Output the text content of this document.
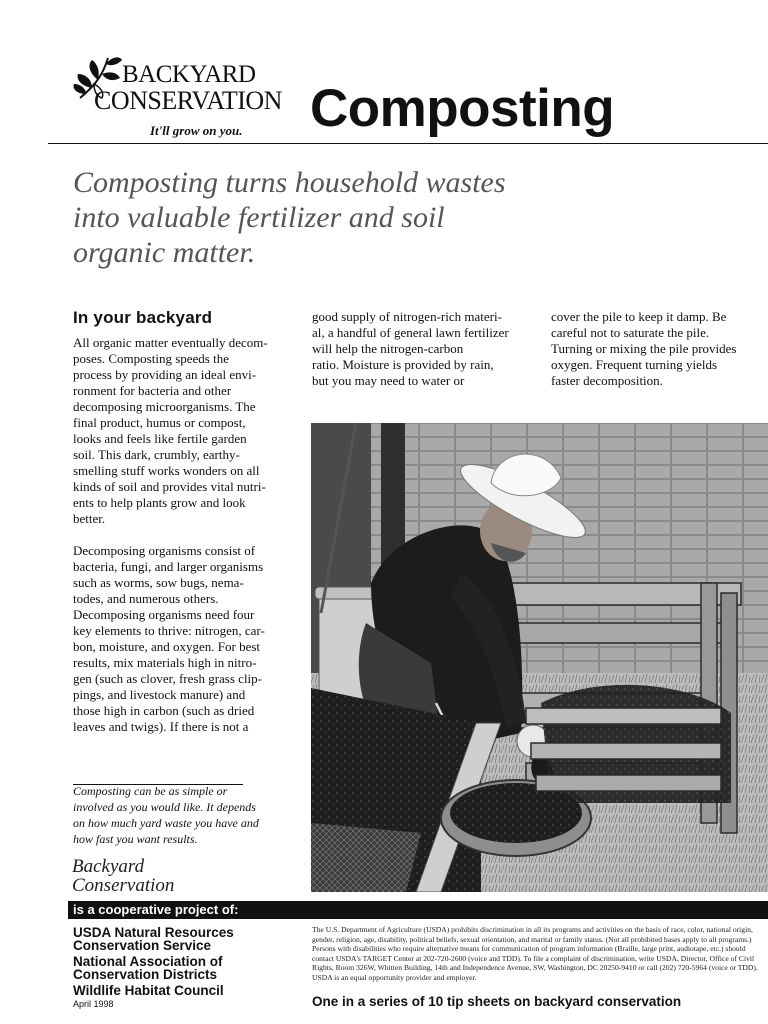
BACKYARD
CONSERVATION
It'll grow on you. Composting
Composting turns household wastes into valuable fertilizer and soil organic matter.
In your backyard
All organic matter eventually decom-
poses. Composting speeds the
process by providing an ideal envi-
ronment for bacteria and other
decomposing microorganisms. The
final product, humus or compost,
looks and feels like fertile garden
soil. This dark, crumbly, earthy-
smelling stuff works wonders on all
kinds of soil and provides vital nutri-
ents to help plants grow and look
better.
Decomposing organisms consist of
bacteria, fungi, and larger organisms
such as worms, sow bugs, nema-
todes, and numerous others.
Decomposing organisms need four
key elements to thrive: nitrogen, car-
bon, moisture, and oxygen. For best
results, mix materials high in nitro-
gen (such as clover, fresh grass clip-
pings, and livestock manure) and
those high in carbon (such as dried
leaves and twigs). If there is not a
good supply of nitrogen-rich materi-
al, a handful of general lawn fertilizer
will help the nitrogen-carbon
ratio. Moisture is provided by rain,
but you may need to water or
cover the pile to keep it damp. Be
careful not to saturate the pile.
Turning or mixing the pile provides
oxygen. Frequent turning yields
faster decomposition.
Composting can be as simple or
involved as you would like. It depends
on how much yard waste you have and
how fast you want results.
Backyard
Conservation
is a cooperative project of:
USDA Natural Resources
Conservation Service
National Association of
Conservation Districts
Wildlife Habitat Council
April 1998
The U.S. Department of Agriculture (USDA) prohibits discrimination in all its programs and activities on the basis of race, color, national origin, gender, religion, age, disability, political beliefs, sexual orientation, and marital or family status. (Not all prohibited bases apply to all programs.) Persons with disabilities who require alternative means for communication of program information (Braille, large print, audiotape, etc.) should contact USDA's TARGET Center at 202-720-2600 (voice and TDD). To file a complaint of discrimination, write USDA, Director, Office of Civil Rights, Room 326W, Whitten Building, 14th and Independence Avenue, SW, Washington, DC 20250-9410 or call (202) 720-5964 (voice or TDD). USDA is an equal opportunity provider and employer.
One in a series of 10 tip sheets on backyard conservation
